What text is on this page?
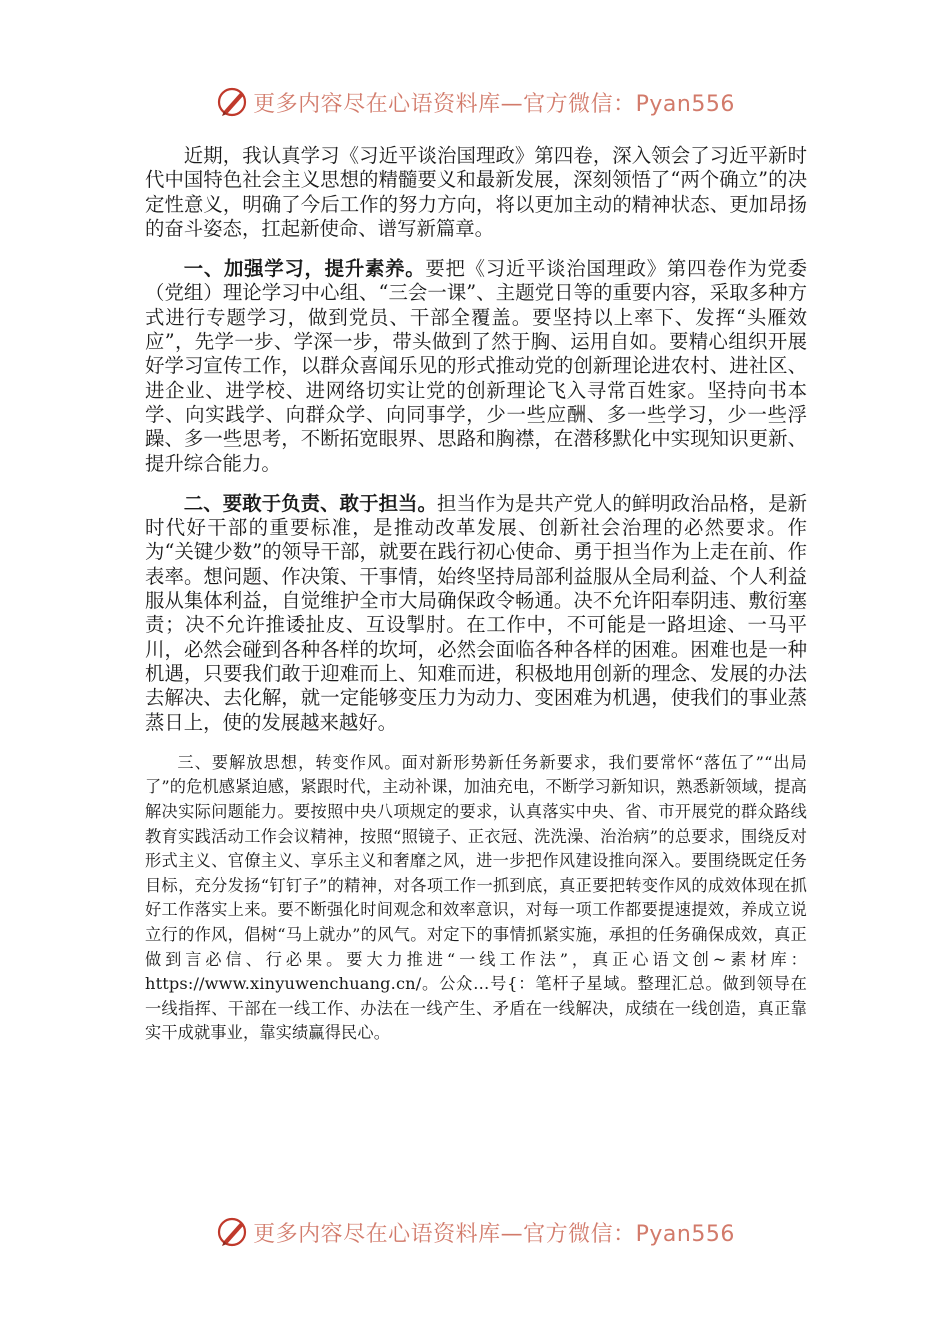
更多内容尽在心语资料库—官方微信：Pyan556

近期，我认真学习《习近平谈治国理政》第四卷，深入领会了习近平新时代中国特色社会主义思想的精髓要义和最新发展，深刻领悟了“两个确立”的决定性意义，明确了今后工作的努力方向，将以更加主动的精神状态、更加昂扬的奋斗姿态，扛起新使命、谱写新篇章。

一、加强学习，提升素养。要把《习近平谈治国理政》第四卷作为党委（党组）理论学习中心组、“三会一课”、主题党日等的重要内容，采取多种方式进行专题学习，做到党员、干部全覆盖。要坚持以上率下、发挥“头雁效应”，先学一步、学深一步，带头做到了然于胸、运用自如。要精心组织开展好学习宣传工作，以群众喜闻乐见的形式推动党的创新理论进农村、进社区、进企业、进学校、进网络切实让党的创新理论飞入寻常百姓家。坚持向书本学、向实践学、向群众学、向同事学，少一些应酬、多一些学习，少一些浮躁、多一些思考，不断拓宽眼界、思路和胸襟，在潜移默化中实现知识更新、提升综合能力。

二、要敢于负责、敢于担当。担当作为是共产党人的鲜明政治品格，是新时代好干部的重要标准，是推动改革发展、创新社会治理的必然要求。作为“关键少数”的领导干部，就要在践行初心使命、勇于担当作为上走在前、作表率。想问题、作决策、干事情，始终坚持局部利益服从全局利益、个人利益服从集体利益，自觉维护全市大局确保政令畅通。决不允许阳奉阴违、敷衍塞责；决不允许推诿扯皮、互设掣肘。在工作中，不可能是一路坦途、一马平川，必然会碰到各种各样的坎坷，必然会面临各种各样的困难。困难也是一种机遇，只要我们敢于迎难而上、知难而进，积极地用创新的理念、发展的办法去解决、去化解，就一定能够变压力为动力、变困难为机遇，使我们的事业蒸蒸日上，使的发展越来越好。

三、要解放思想，转变作风。面对新形势新任务新要求，我们要常怀“落伍了”“出局了”的危机感紧迫感，紧跟时代，主动补课，加油充电，不断学习新知识，熟悉新领域，提高解决实际问题能力。要按照中央八项规定的要求，认真落实中央、省、市开展党的群众路线教育实践活动工作会议精神，按照“照镜子、正衣冠、洗洗澡、治治病”的总要求，围绕反对形式主义、官僚主义、享乐主义和奢靡之风，进一步把作风建设推向深入。要围绕既定任务目标，充分发扬“钉钉子”的精神，对各项工作一抓到底，真正要把转变作风的成效体现在抓好工作落实上来。要不断强化时间观念和效率意识，对每一项工作都要提速提效，养成立说立行的作风，倡树“马上就办”的风气。对定下的事情抓紧实施，承担的任务确保成效，真正做到言必信、行必果。要大力推进“一线工作法”，真正心语文创~素材库：https://www.xinyuwenchuang.cn/。公众…号{：笔杆子星域。整理汇总。做到领导在一线指挥、干部在一线工作、办法在一线产生、矛盾在一线解决，成绩在一线创造，真正靠实干成就事业，靠实绩赢得民心。

更多内容尽在心语资料库—官方微信：Pyan556
